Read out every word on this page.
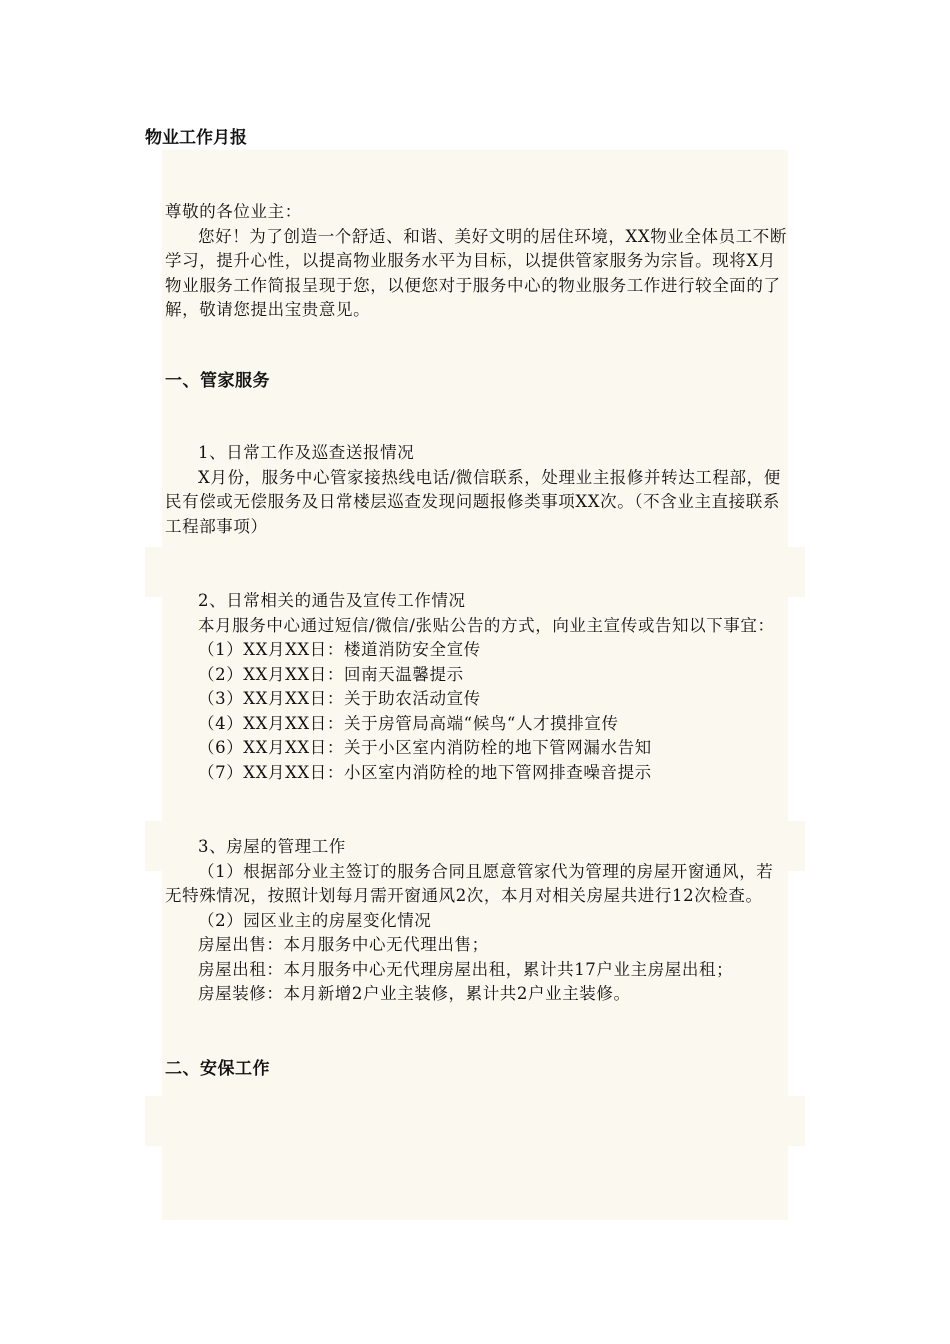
物业工作月报

尊敬的各位业主：

您好！为了创造一个舒适、和谐、美好文明的居住环境，XX物业全体员工不断学习，提升心性，以提高物业服务水平为目标，以提供管家服务为宗旨。现将X月物业服务工作简报呈现于您，以便您对于服务中心的物业服务工作进行较全面的了解，敬请您提出宝贵意见。

一、管家服务

1、日常工作及巡查送报情况

X月份，服务中心管家接热线电话/微信联系，处理业主报修并转达工程部，便民有偿或无偿服务及日常楼层巡查发现问题报修类事项XX次。（不含业主直接联系工程部事项）

2、日常相关的通告及宣传工作情况

本月服务中心通过短信/微信/张贴公告的方式，向业主宣传或告知以下事宜：

（1）XX月XX日：楼道消防安全宣传

（2）XX月XX日：回南天温馨提示

（3）XX月XX日：关于助农活动宣传

（4）XX月XX日：关于房管局高端“候鸟“人才摸排宣传

（6）XX月XX日：关于小区室内消防栓的地下管网漏水告知

（7）XX月XX日：小区室内消防栓的地下管网排查噪音提示

3、房屋的管理工作

（1）根据部分业主签订的服务合同且愿意管家代为管理的房屋开窗通风，若无特殊情况，按照计划每月需开窗通风2次，本月对相关房屋共进行12次检查。

（2）园区业主的房屋变化情况

房屋出售：本月服务中心无代理出售；

房屋出租：本月服务中心无代理房屋出租，累计共17户业主房屋出租；

房屋装修：本月新增2户业主装修，累计共2户业主装修。

二、安保工作
